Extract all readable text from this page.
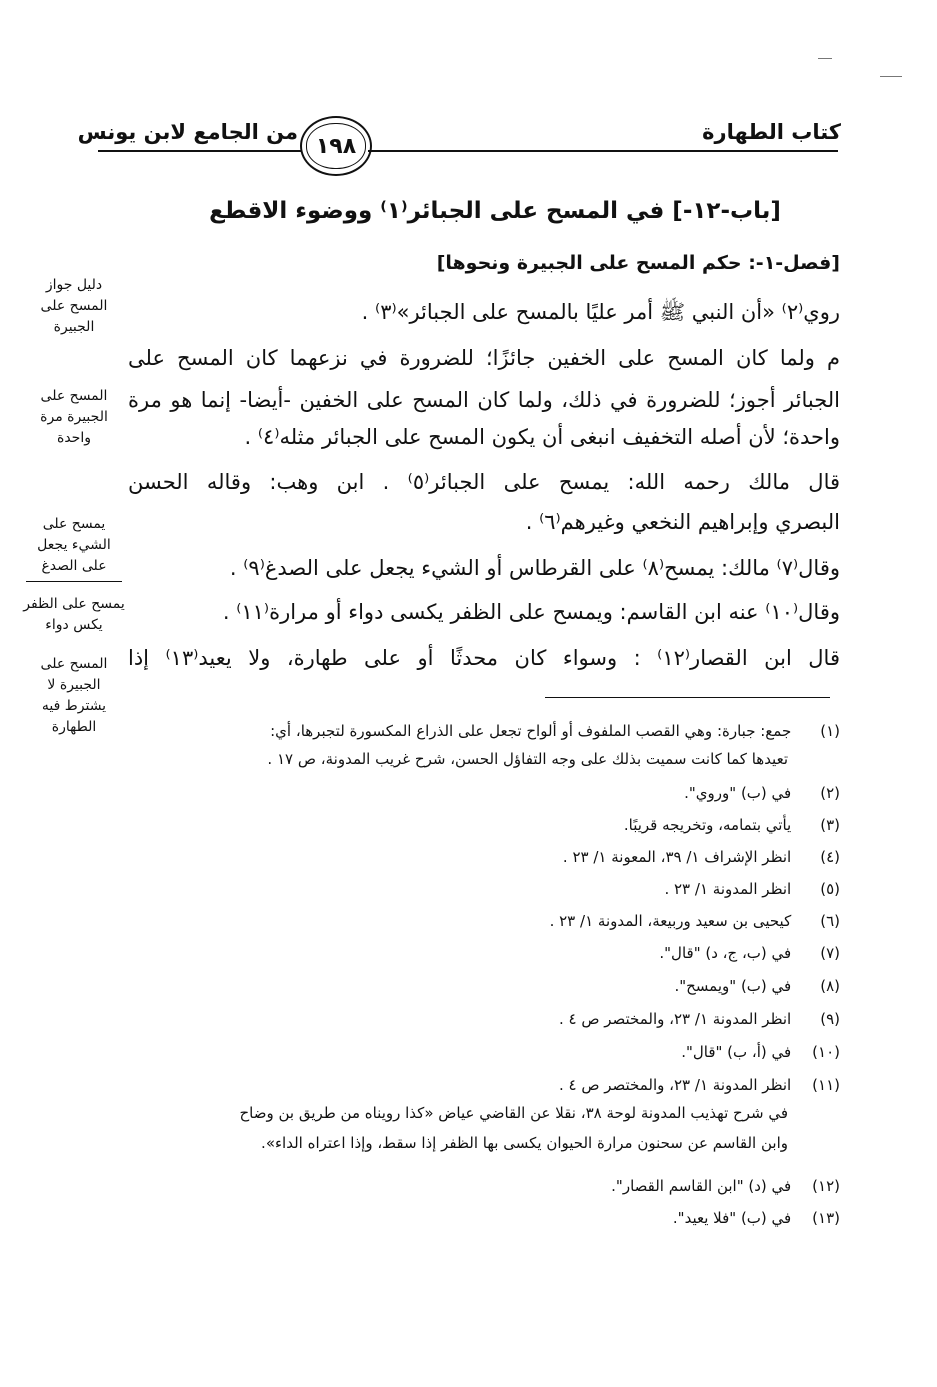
من الجامع لابن يونس
١٩٨
كتاب الطهارة
[باب-١٢-] في المسح على الجبائر⁽١⁾ ووضوء الاقطع
[فصل-١-: حكم المسح على الجبيرة ونحوها]
روي⁽٢⁾ «أن النبي ﷺ أمر عليًا بالمسح على الجبائر»⁽٣⁾ .
م ولما كان المسح على الخفين جائزًا؛ للضرورة في نزعهما كان المسح على
الجبائر أجوز؛ للضرورة في ذلك، ولما كان المسح على الخفين -أيضا- إنما هو مرة
واحدة؛ لأن أصله التخفيف انبغى أن يكون المسح على الجبائر مثله⁽٤⁾ .
قال مالك رحمه الله: يمسح على الجبائر⁽٥⁾ . ابن وهب: وقاله الحسن
البصري وإبراهيم النخعي وغيرهم⁽٦⁾ .
وقال⁽٧⁾ مالك: يمسح⁽٨⁾ على القرطاس أو الشيء يجعل على الصدغ⁽٩⁾ .
وقال⁽١٠⁾ عنه ابن القاسم: ويمسح على الظفر يكسى دواء أو مرارة⁽١١⁾ .
قال ابن القصار⁽١٢⁾ : وسواء كان محدثًا أو على طهارة، ولا يعيد⁽١٣⁾ إذا
دليل جواز
المسح على
الجبيرة
المسح على
الجبيرة مرة
واحدة
يمسح على
الشيء يجعل
على الصدغ
يمسح على الظفر
يكس دواء
المسح على
الجبيرة لا
يشترط فيه
الطهارة	(١) جمع: جبارة: وهي القصب الملفوف أو ألواح تجعل على الذراع المكسورة لتجبرها، أي:
تعيدها كما كانت سميت بذلك على وجه التفاؤل الحسن، شرح غريب المدونة، ص ١٧ .
(٢) في (ب) "وروي".
(٣) يأتي بتمامه، وتخريجه قريبًا.
(٤) انظر الإشراف ١/ ٣٩، المعونة ١/ ٢٣ .
(٥) انظر المدونة ١/ ٢٣ .
(٦) كيحيى بن سعيد وربيعة، المدونة ١/ ٢٣ .
(٧) في (ب، ج، د) "قال".
(٨) في (ب) "ويمسح".
(٩) انظر المدونة ١/ ٢٣، والمختصر ص ٤ .
(١٠) في (أ، ب) "قال".
(١١) انظر المدونة ١/ ٢٣، والمختصر ص ٤ .
في شرح تهذيب المدونة لوحة ٣٨، نقلا عن القاضي عياض «كذا رويناه من طريق بن وضاح
وابن القاسم عن سحنون مرارة الحيوان يكسى بها الظفر إذا سقط، وإذا اعتراه الداء».
(١٢) في (د) "ابن القاسم القصار".
(١٣) في (ب) "فلا يعيد".
